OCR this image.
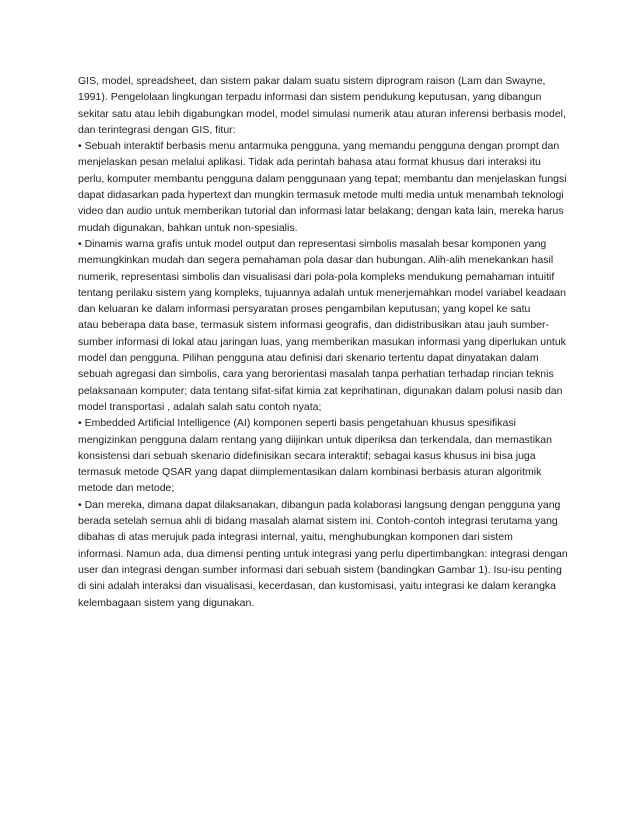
GIS, model, spreadsheet, dan sistem pakar dalam suatu sistem diprogram raison (Lam dan Swayne,

1991). Pengelolaan lingkungan terpadu informasi dan sistem pendukung keputusan, yang dibangun

sekitar satu atau lebih digabungkan model, model simulasi numerik atau aturan inferensi berbasis model,

dan terintegrasi dengan GIS, fitur:

• Sebuah interaktif berbasis menu antarmuka pengguna, yang memandu pengguna dengan prompt dan

menjelaskan pesan melalui aplikasi. Tidak ada perintah bahasa atau format khusus dari interaksi itu

perlu, komputer membantu pengguna dalam penggunaan yang tepat; membantu dan menjelaskan fungsi

dapat didasarkan pada hypertext dan mungkin termasuk metode multi media untuk menambah teknologi

video dan audio untuk memberikan tutorial dan informasi latar belakang; dengan kata lain, mereka harus

mudah digunakan, bahkan untuk non-spesialis.

• Dinamis warna grafis untuk model output dan representasi simbolis masalah besar komponen yang

memungkinkan mudah dan segera pemahaman pola dasar dan hubungan. Alih-alih menekankan hasil

numerik, representasi simbolis dan visualisasi dari pola-pola kompleks mendukung pemahaman intuitif

tentang perilaku sistem yang kompleks, tujuannya adalah untuk menerjemahkan model variabel keadaan

dan keluaran ke dalam informasi persyaratan proses pengambilan keputusan; yang kopel ke satu

atau beberapa data base, termasuk sistem informasi geografis, dan didistribusikan atau jauh sumber-

sumber informasi di lokal atau jaringan luas, yang memberikan masukan informasi yang diperlukan untuk

model dan pengguna. Pilihan pengguna atau definisi dari skenario tertentu dapat dinyatakan dalam

sebuah agregasi dan simbolis, cara yang berorientasi masalah tanpa perhatian terhadap rincian teknis

pelaksanaan komputer; data tentang sifat-sifat kimia zat keprihatinan, digunakan dalam polusi nasib dan

model transportasi , adalah salah satu contoh nyata;

• Embedded Artificial Intelligence (AI) komponen seperti basis pengetahuan khusus spesifikasi

mengizinkan pengguna dalam rentang yang diijinkan untuk diperiksa dan terkendala, dan memastikan

konsistensi dari sebuah skenario didefinisikan secara interaktif; sebagai kasus khusus ini bisa juga

termasuk metode QSAR yang dapat diimplementasikan dalam kombinasi berbasis aturan algoritmik

metode dan metode;

• Dan mereka, dimana dapat dilaksanakan, dibangun pada kolaborasi langsung dengan pengguna yang

berada setelah semua ahli di bidang masalah alamat sistem ini. Contoh-contoh integrasi terutama yang

dibahas di atas merujuk pada integrasi internal, yaitu, menghubungkan komponen dari sistem

informasi. Namun ada, dua dimensi penting untuk integrasi yang perlu dipertimbangkan: integrasi dengan

user dan integrasi dengan sumber informasi dari sebuah sistem (bandingkan Gambar 1). Isu-isu penting

di sini adalah interaksi dan visualisasi, kecerdasan, dan kustomisasi, yaitu integrasi ke dalam kerangka

kelembagaan sistem yang digunakan.
